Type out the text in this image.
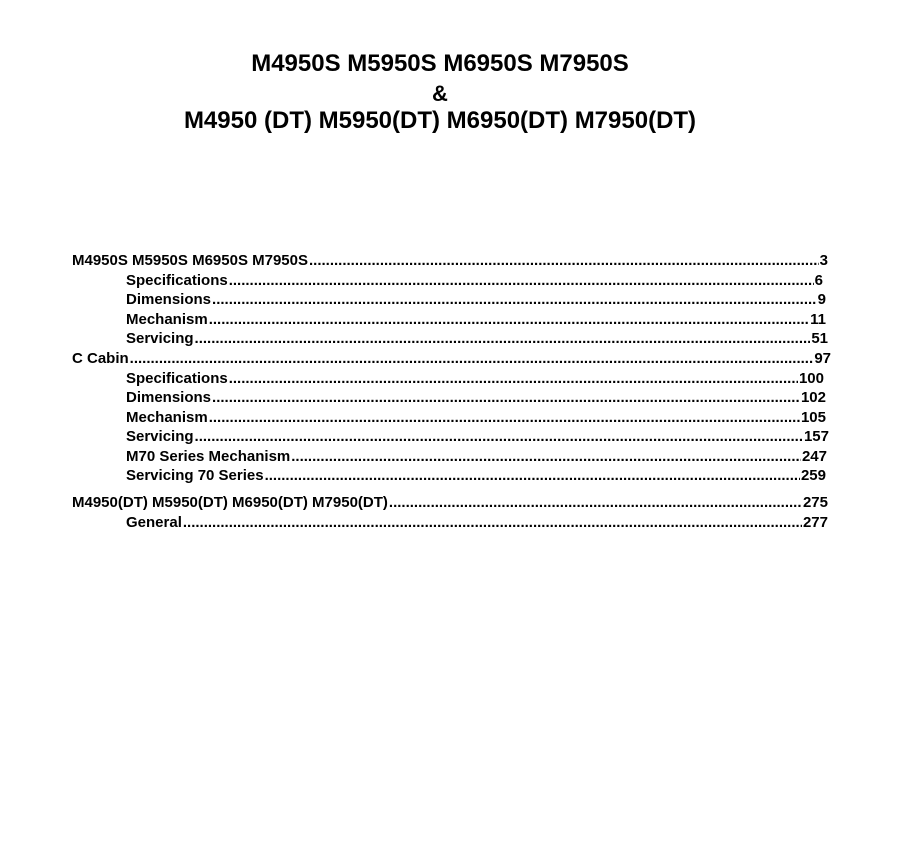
M4950S M5950S M6950S M7950S
&
M4950 (DT) M5950(DT) M6950(DT) M7950(DT)
M4950S M5950S M6950S M7950S .....	3
Specifications .....	6
Dimensions .....	9
Mechanism .....	11
Servicing .....	51
C Cabin .....	97
Specifications .....	100
Dimensions .....	102
Mechanism .....	105
Servicing .....	157
M70 Series Mechanism .....	247
Servicing 70 Series .....	259
M4950(DT) M5950(DT) M6950(DT) M7950(DT) .....	275
General .....	277
